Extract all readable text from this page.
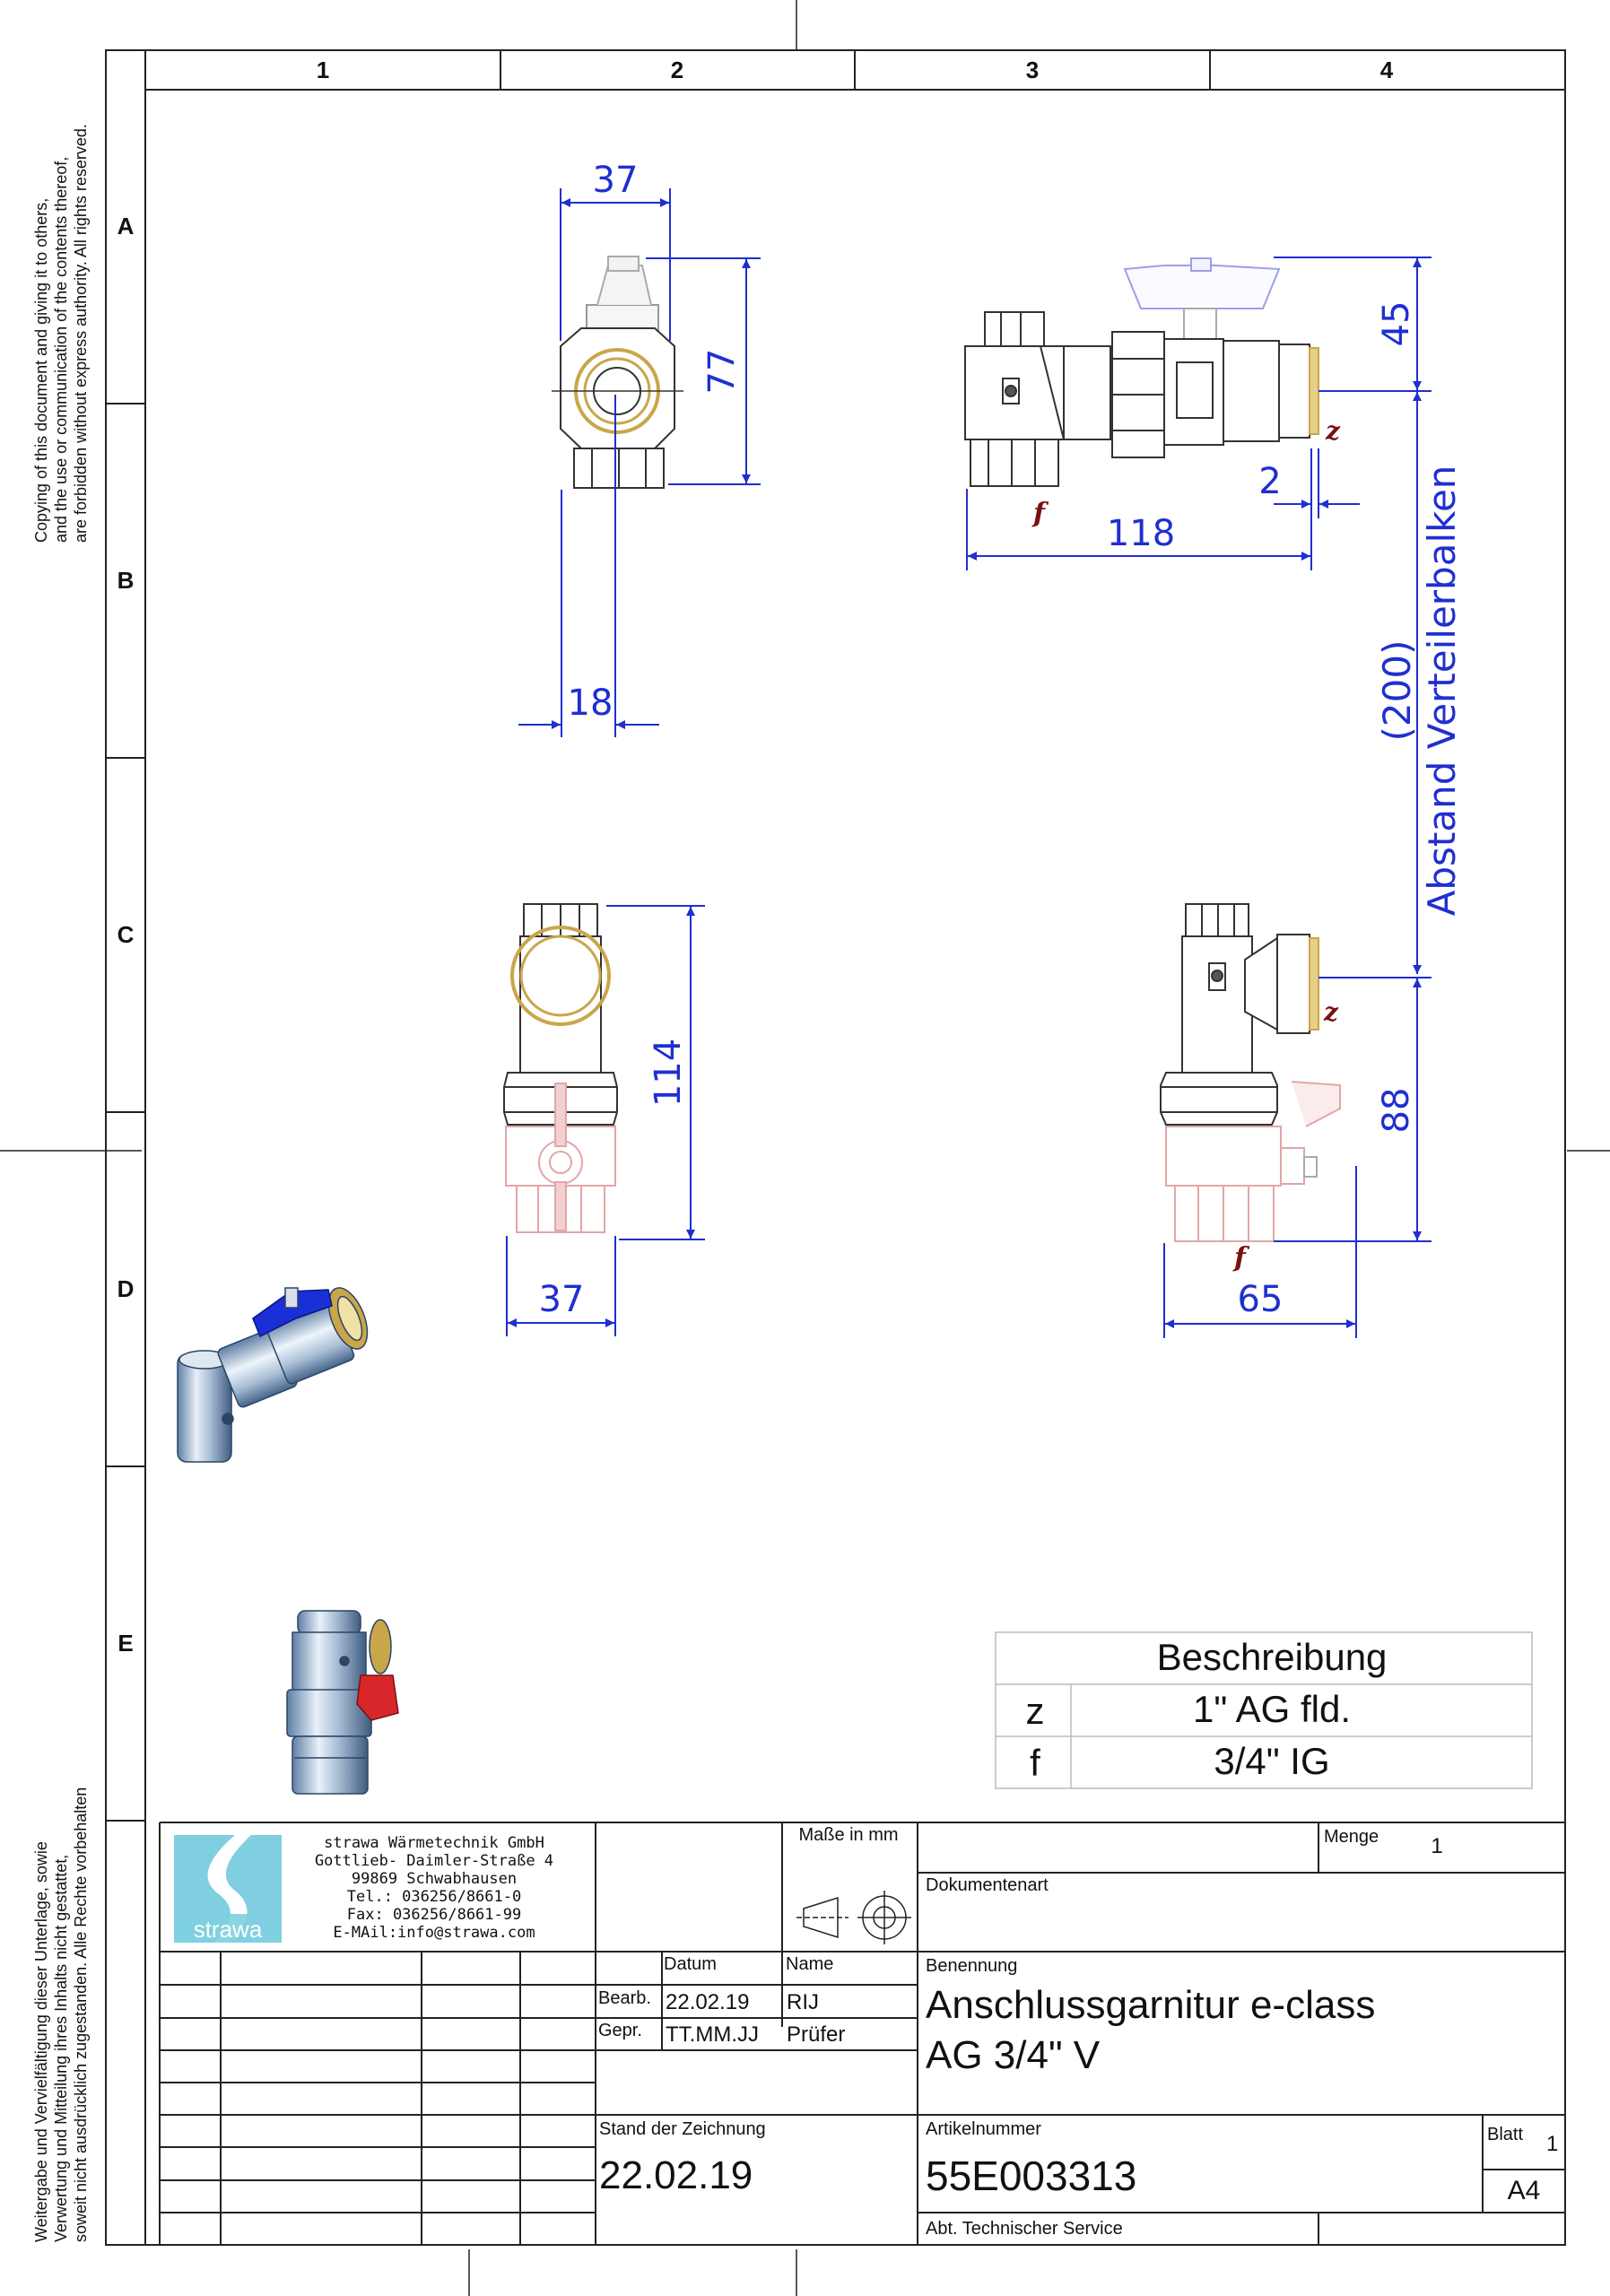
1	2	3	4
A
B
C
D
E
Copying of this document and giving it to others, and the use or communication of the contents thereof, are forbidden without express authority. All rights reserved.
Weitergabe und Vervielfältigung dieser Unterlage, sowie Verwertung und Mitteilung ihres Inhalts nicht gestattet, soweit nicht ausdrücklich zugestanden. Alle Rechte vorbehalten
37
77
18
114
37
45
2
118
(200) Abstand Verteilerbalken
z
f
88
65
z
f
Beschreibung
z	1" AG fld.
f	3/4" IG
strawa
strawa Wärmetechnik GmbH
Gottlieb- Daimler-Straße 4
99869 Schwabhausen
Tel.: 036256/8661-0
Fax: 036256/8661-99
E-MAil:info@strawa.com
Maße in mm	Menge 1
Dokumentenart
Benennung
Anschlussgarnitur e-class
AG 3/4" V
Datum	Name
Bearb. 22.02.19 RIJ
Gepr. TT.MM.JJ Prüfer
Stand der Zeichnung
22.02.19
Artikelnummer
55E003313
Blatt 1
A4
Abt. Technischer Service
